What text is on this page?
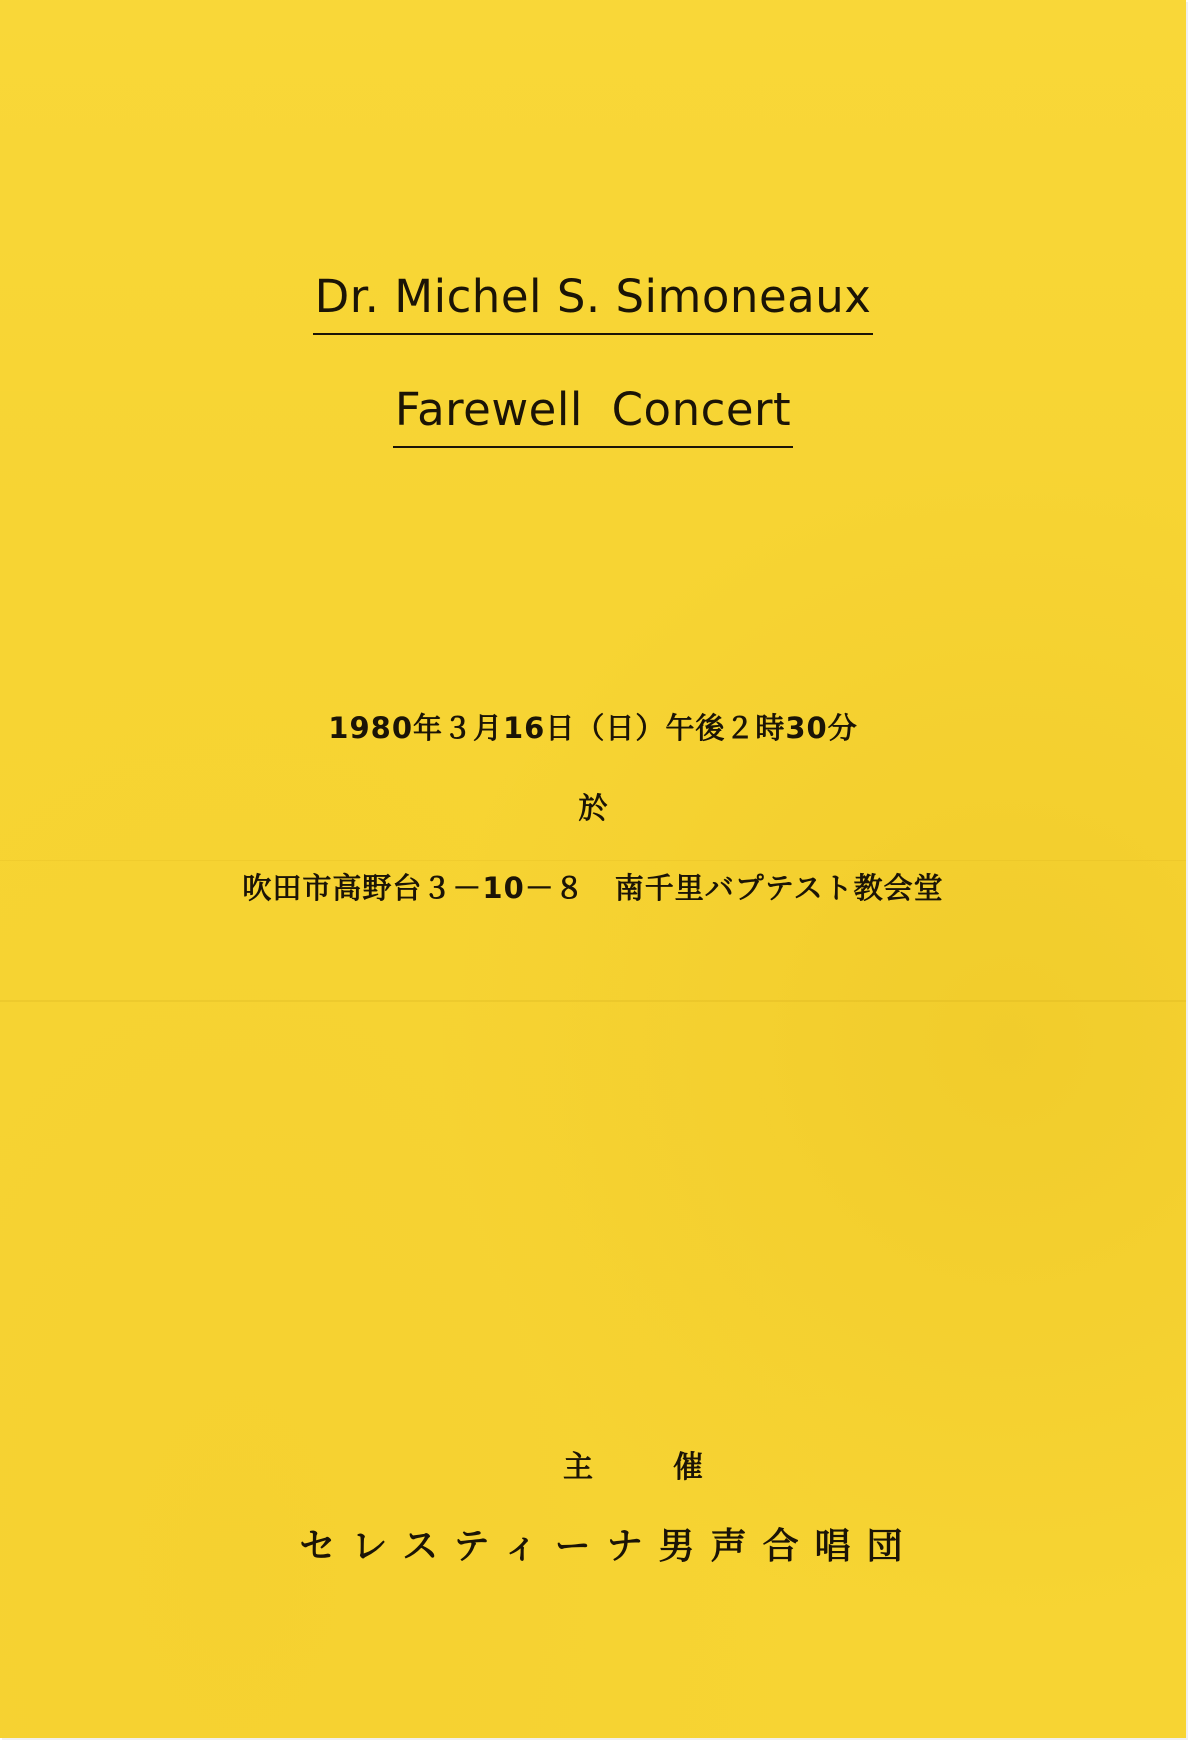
Dr. Michel S. Simoneaux
Farewell Concert
1980年３月16日（日）午後２時30分
於
吹田市高野台３－10－８　南千里バプテスト教会堂
主催
セレスティーナ男声合唱団
